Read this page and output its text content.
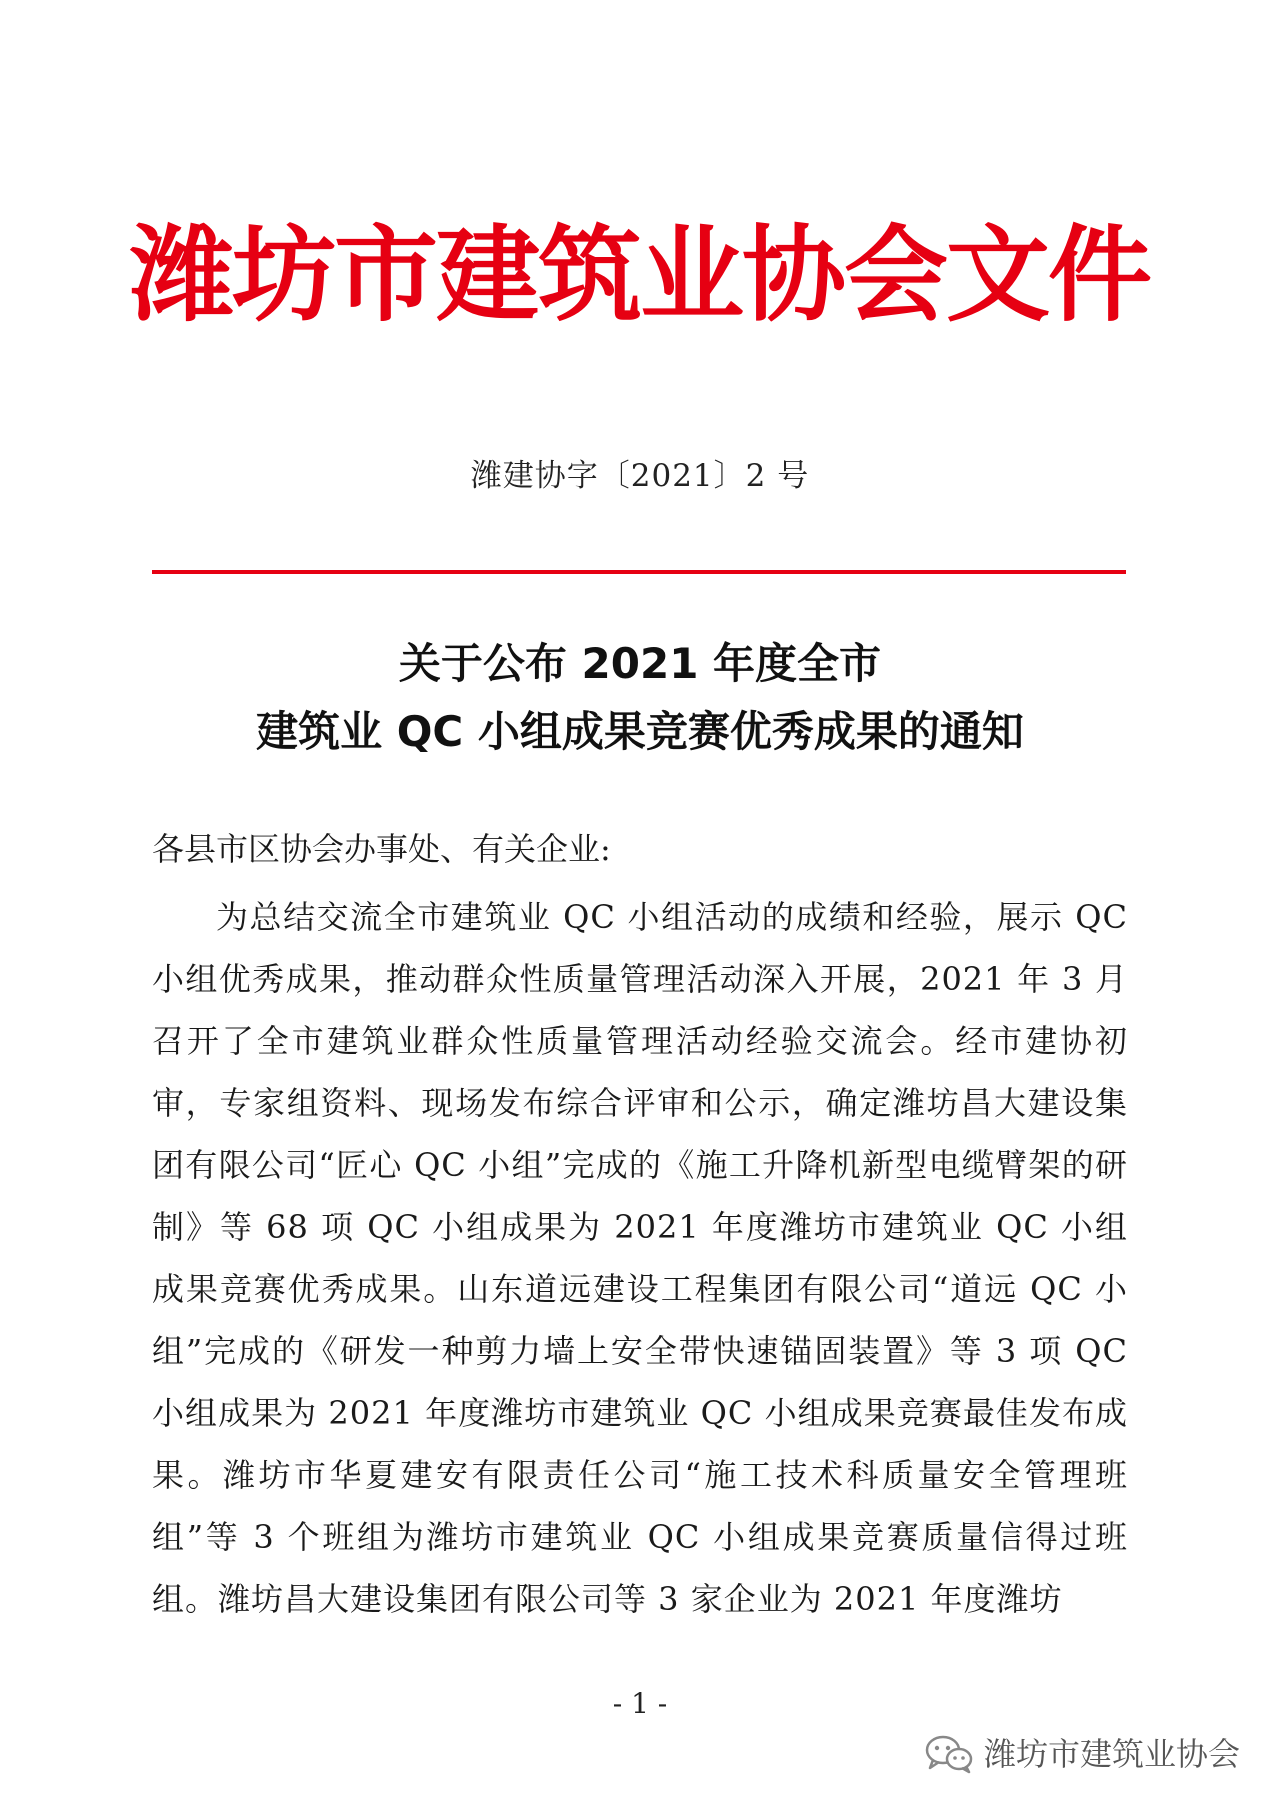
潍坊市建筑业协会文件
潍建协字〔2021〕2 号
关于公布 2021 年度全市
建筑业 QC 小组成果竞赛优秀成果的通知
各县市区协会办事处、有关企业:

为总结交流全市建筑业 QC 小组活动的成绩和经验，展示 QC 小组优秀成果，推动群众性质量管理活动深入开展，2021 年 3 月召开了全市建筑业群众性质量管理活动经验交流会。经市建协初审，专家组资料、现场发布综合评审和公示，确定潍坊昌大建设集团有限公司“匠心 QC 小组”完成的《施工升降机新型电缆臂架的研制》等 68 项 QC 小组成果为 2021 年度潍坊市建筑业 QC 小组成果竞赛优秀成果。山东道远建设工程集团有限公司“道远 QC 小组”完成的《研发一种剪力墙上安全带快速锚固装置》等 3 项 QC 小组成果为 2021 年度潍坊市建筑业 QC 小组成果竞赛最佳发布成果。潍坊市华夏建安有限责任公司“施工技术科质量安全管理班组”等 3 个班组为潍坊市建筑业 QC 小组成果竞赛质量信得过班组。潍坊昌大建设集团有限公司等 3 家企业为 2021 年度潍坊

- 1 -
潍坊市建筑业协会
